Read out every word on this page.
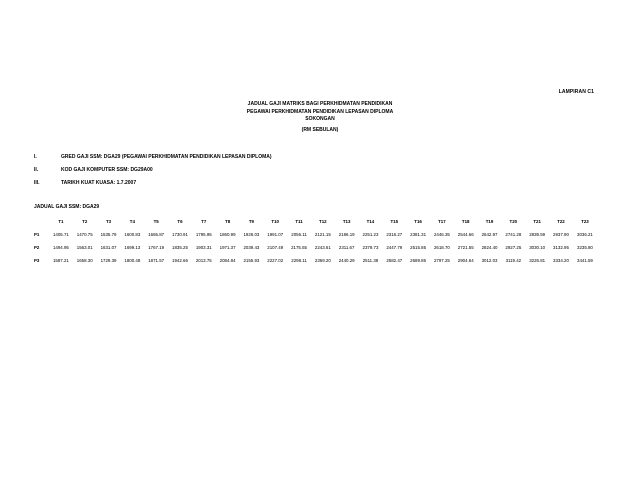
LAMPIRAN C1
JADUAL GAJI MATRIKS BAGI PERKHIDMATAN PENDIDIKAN
PEGAWAI PERKHIDMATAN PENDIDIKAN LEPASAN DIPLOMA
SOKONGAN
(RM SEBULAN)
I.	GRED GAJI SSM: DGA29 (PEGAWAI PERKHIDMATAN PENDIDIKAN LEPASAN DIPLOMA)
II.	KOD GAJI KOMPUTER SSM: DG29A00
III.	TARIKH KUAT KUASA: 1.7.2007
JADUAL GAJI SSM: DGA29
	T1	T2	T3	T4	T5	T6	T7	T8	T9	T10	T11	T12	T13	T14	T15	T16	T17	T18	T19	T20	T21	T22	T23
P1	1405.71	1470.75	1535.79	1600.83	1665.87	1730.91	1795.95	1860.99	1926.03	1991.07	2056.11	2121.15	2186.19	2251.23	2316.27	2381.31	2446.35	2544.66	2642.97	2741.28	2839.59	2937.90	3036.21
P2	1494.95	1563.01	1631.07	1699.13	1767.19	1835.25	1903.31	1971.37	2039.43	2107.49	2175.55	2243.61	2311.67	2379.73	2447.79	2515.85	2618.70	2721.55	2824.40	2927.25	3030.10	3132.95	3235.80
P3	1587.21	1658.30	1729.39	1800.48	1871.57	1942.66	2013.75	2084.84	2155.93	2227.02	2298.11	2369.20	2440.29	2511.38	2582.47	2689.86	2797.25	2904.64	3012.03	3119.42	3226.81	3334.20	3441.59
